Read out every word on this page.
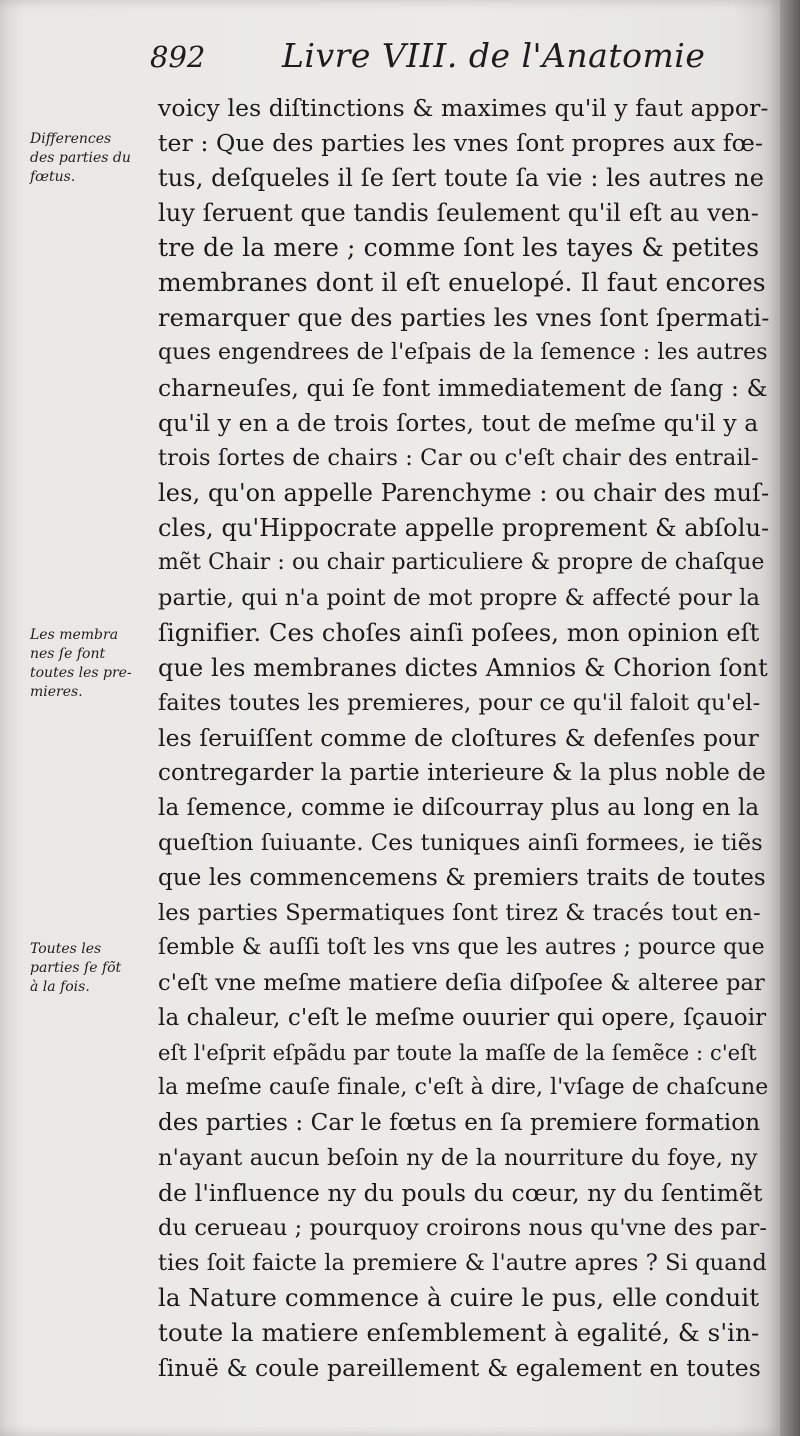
892 Livre VIII. de l'Anatomie
voicy les diſtinctions & maximes qu'il y faut appor-
ter : Que des parties les vnes ſont propres aux fœ-
tus, deſqueles il ſe ſert toute ſa vie : les autres ne
luy ſeruent que tandis ſeulement qu'il eſt au ven-
tre de la mere ; comme ſont les tayes & petites
membranes dont il eſt enuelopé. Il faut encores
remarquer que des parties les vnes ſont ſpermati-
ques engendrees de l'eſpais de la ſemence : les autres
charneuſes, qui ſe font immediatement de ſang : &
qu'il y en a de trois ſortes, tout de meſme qu'il y a
trois ſortes de chairs : Car ou c'eſt chair des entrail-
les, qu'on appelle Parenchyme : ou chair des muſ-
cles, qu'Hippocrate appelle proprement & abſolu-
mẽt Chair : ou chair particuliere & propre de chaſque
partie, qui n'a point de mot propre & affecté pour la
ſignifier. Ces choſes ainſi poſees, mon opinion eſt
que les membranes dictes Amnios & Chorion ſont
faites toutes les premieres, pour ce qu'il faloit qu'el-
les ſeruiſſent comme de cloſtures & defenſes pour
contregarder la partie interieure & la plus noble de
la ſemence, comme ie diſcourray plus au long en la
queſtion ſuiuante. Ces tuniques ainſi formees, ie tiẽs
que les commencemens & premiers traits de toutes
les parties Spermatiques ſont tirez & tracés tout en-
ſemble & auſſi toſt les vns que les autres ; pource que
c'eſt vne meſme matiere deſia diſpoſee & alteree par
la chaleur, c'eſt le meſme ouurier qui opere, ſçauoir
eſt l'eſprit eſpãdu par toute la maſſe de la ſemẽce : c'eſt
la meſme cauſe finale, c'eſt à dire, l'vſage de chaſcune
des parties : Car le fœtus en ſa premiere formation
n'ayant aucun beſoin ny de la nourriture du foye, ny
de l'influence ny du pouls du cœur, ny du ſentimẽt
du cerueau ; pourquoy croirons nous qu'vne des par-
ties ſoit faicte la premiere & l'autre apres ? Si quand
la Nature commence à cuire le pus, elle conduit
toute la matiere enſemblement à egalité, & s'in-
ſinuë & coule pareillement & egalement en toutes
Differences
des parties du
fœtus.
Les membra
nes ſe font
toutes les pre-
mieres.
Toutes les
parties ſe fõt
à la fois.
